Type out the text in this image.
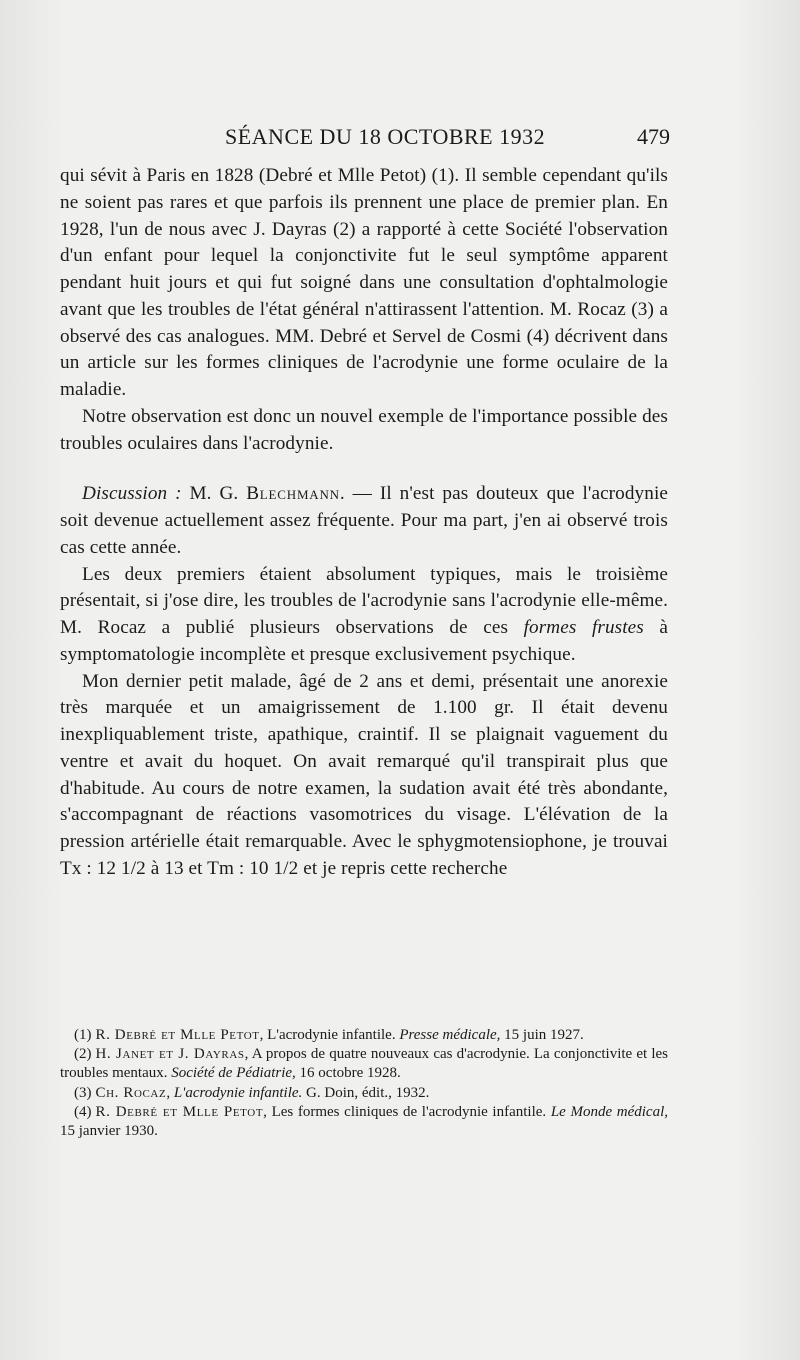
SÉANCE DU 18 OCTOBRE 1932	479

qui sévit à Paris en 1828 (Debré et Mlle Petot) (1). Il semble cependant qu'ils ne soient pas rares et que parfois ils prennent une place de premier plan. En 1928, l'un de nous avec J. Dayras (2) a rapporté à cette Société l'observation d'un enfant pour lequel la conjonctivite fut le seul symptôme apparent pendant huit jours et qui fut soigné dans une consultation d'ophtalmologie avant que les troubles de l'état général n'attirassent l'attention. M. Rocaz (3) a observé des cas analogues. MM. Debré et Servel de Cosmi (4) décrivent dans un article sur les formes cliniques de l'acrodynie une forme oculaire de la maladie.

Notre observation est donc un nouvel exemple de l'importance possible des troubles oculaires dans l'acrodynie.

Discussion : M. G. Blechmann. — Il n'est pas douteux que l'acrodynie soit devenue actuellement assez fréquente. Pour ma part, j'en ai observé trois cas cette année.

Les deux premiers étaient absolument typiques, mais le troisième présentait, si j'ose dire, les troubles de l'acrodynie sans l'acrodynie elle-même. M. Rocaz a publié plusieurs observations de ces formes frustes à symptomatologie incomplète et presque exclusivement psychique.

Mon dernier petit malade, âgé de 2 ans et demi, présentait une anorexie très marquée et un amaigrissement de 1.100 gr. Il était devenu inexpliquablement triste, apathique, craintif. Il se plaignait vaguement du ventre et avait du hoquet. On avait remarqué qu'il transpirait plus que d'habitude. Au cours de notre examen, la sudation avait été très abondante, s'accompagnant de réactions vasomotrices du visage. L'élévation de la pression artérielle était remarquable. Avec le sphygmotensiophone, je trouvai Tx : 12 1/2 à 13 et Tm : 10 1/2 et je repris cette recherche

(1) R. Debré et Mlle Petot, L'acrodynie infantile. Presse médicale, 15 juin 1927.

(2) H. Janet et J. Dayras, A propos de quatre nouveaux cas d'acrodynie. La conjonctivite et les troubles mentaux. Société de Pédiatrie, 16 octobre 1928.

(3) Ch. Rocaz, L'acrodynie infantile. G. Doin, édit., 1932.

(4) R. Debré et Mlle Petot, Les formes cliniques de l'acrodynie infantile. Le Monde médical, 15 janvier 1930.
